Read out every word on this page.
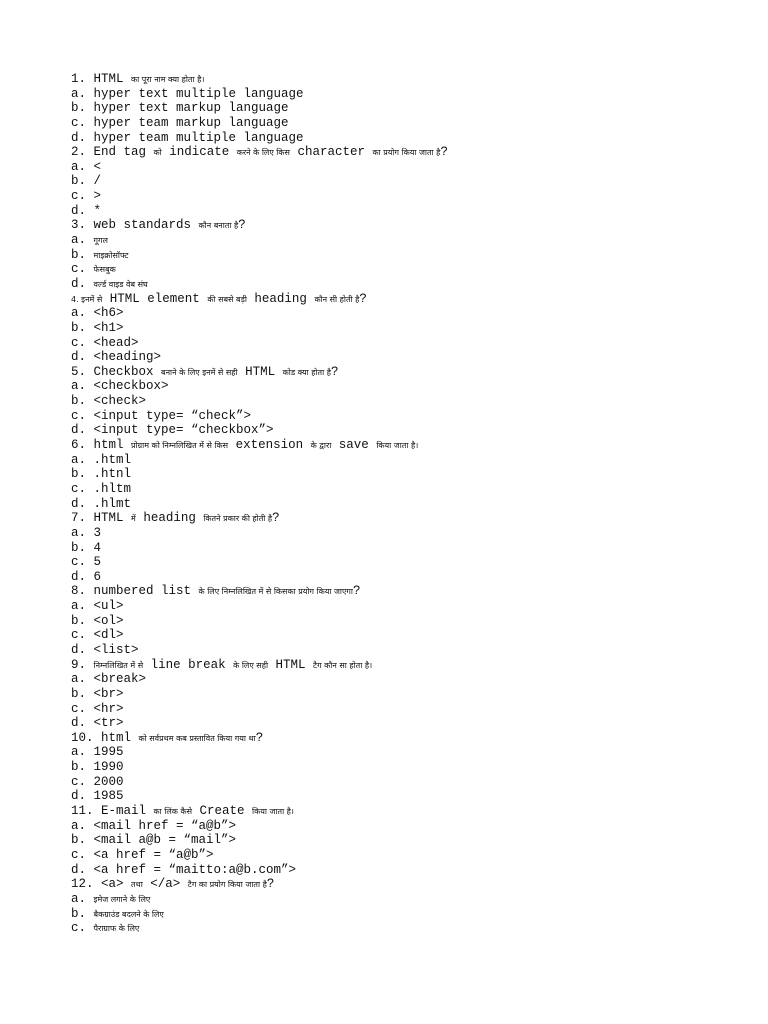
1. HTML का पूरा नाम क्या होता है।
a. hyper text multiple language
b. hyper text markup language
c. hyper team markup language
d. hyper team multiple language
2. End tag को indicate करने के लिए किस character का प्रयोग किया जाता है?
a. <
b. /
c. >
d. *
3. web standards कौन बनाता है?
a. गूगल
b. माइक्रोसॉफ्ट
c. फेसबुक
d. वर्ल्ड वाइड वेब संघ
4. इनमें से HTML element की सबसे बड़ी heading कौन सी होती है?
a. <h6>
b. <h1>
c. <head>
d. <heading>
5. Checkbox बनाने के लिए इनमें से सही HTML कोड क्या होता है?
a. <checkbox>
b. <check>
c. <input type= “check”>
d. <input type= “checkbox”>
6. html प्रोग्राम को निम्नलिखित में से किस extension के द्वारा save किया जाता है।
a. .html
b. .htnl
c. .hltm
d. .hlmt
7. HTML में heading कितने प्रकार की होती है?
a. 3
b. 4
c. 5
d. 6
8. numbered list के लिए निम्नलिखित में से किसका प्रयोग किया जाएगा?
a. <ul>
b. <ol>
c. <dl>
d. <list>
9. निम्नलिखित में से line break के लिए सही HTML टैग कौन सा होता है।
a. <break>
b. <br>
c. <hr>
d. <tr>
10. html को सर्वप्रथम कब प्रस्तावित किया गया था?
a. 1995
b. 1990
c. 2000
d. 1985
11. E-mail का लिंक कैसे Create किया जाता है।
a. <mail href = “a@b”>
b. <mail a@b = “mail”>
c. <a href = “a@b”>
d. <a href = “maitto:a@b.com”>
12. <a> तथा </a> टैग का प्रयोग किया जाता है?
a. इमेज लगाने के लिए
b. बैकग्राउंड बदलने के लिए
c. पैराग्राफ के लिए
